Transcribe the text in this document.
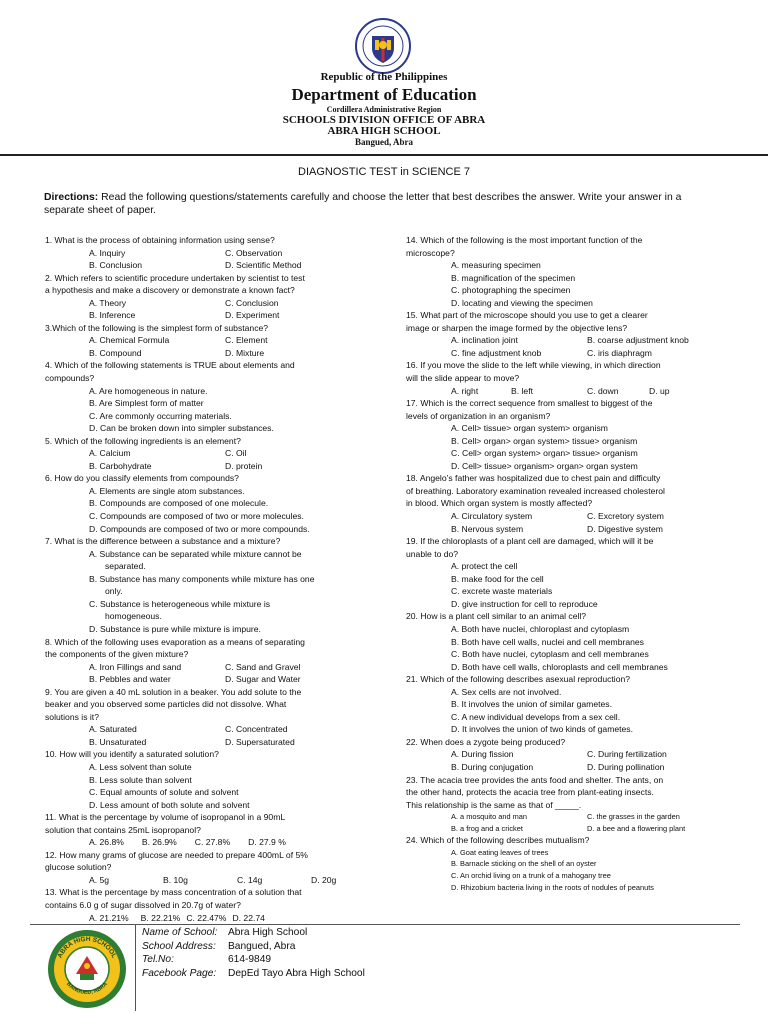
Republic of the Philippines
Department of Education
Cordillera Administrative Region
SCHOOLS DIVISION OFFICE OF ABRA
ABRA HIGH SCHOOL
Bangued, Abra
DIAGNOSTIC TEST in SCIENCE 7
Directions: Read the following questions/statements carefully and choose the letter that best describes the answer. Write your answer in a separate sheet of paper.
1. What is the process of obtaining information using sense?
A. Inquiry	C. Observation
B. Conclusion	D. Scientific Method
2. Which refers to scientific procedure undertaken by scientist to test
a hypothesis and make a discovery or demonstrate a known fact?
A. Theory	C. Conclusion
B. Inference	D. Experiment
3.Which of the following is the simplest form of substance?
A. Chemical Formula	C. Element
B. Compound	D. Mixture
4. Which of the following statements is TRUE about elements and
compounds?
A. Are homogeneous in nature.
B. Are Simplest form of matter
C. Are commonly occurring materials.
D. Can be broken down into simpler substances.
5. Which of the following ingredients is an element?
A. Calcium	C. Oil
B. Carbohydrate	D. protein
6. How do you classify elements from compounds?
A. Elements are single atom substances.
B. Compounds are composed of one molecule.
C. Compounds are composed of two or more molecules.
D. Compounds are composed of two or more compounds.
7. What is the difference between a substance and a mixture?
A. Substance can be separated while mixture cannot be
separated.
B. Substance has many components while mixture has one
only.
C. Substance is heterogeneous while mixture is
homogeneous.
D. Substance is pure while mixture is impure.
8. Which of the following uses evaporation as a means of separating
the components of the given mixture?
A. Iron Fillings and sand	C. Sand and Gravel
B. Pebbles and water	D. Sugar and Water
9. You are given a 40 mL solution in a beaker. You add solute to the
beaker and you observed some particles did not dissolve. What
solutions is it?
A. Saturated	C. Concentrated
B. Unsaturated	D. Supersaturated
10. How will you identify a saturated solution?
A. Less solvent than solute
B. Less solute than solvent
C. Equal amounts of solute and solvent
D. Less amount of both solute and solvent
11. What is the percentage by volume of isopropanol in a 90mL
solution that contains 25mL isopropanol?
A. 26.8% B. 26.9% C. 27.8% D. 27.9 %
12. How many grams of glucose are needed to prepare 400mL of 5%
glucose solution?
A. 5g	B. 10g	C. 14g	D. 20g
13. What is the percentage by mass concentration of a solution that
contains 6.0 g of sugar dissolved in 20.7g of water?
A. 21.21% B. 22.21% C. 22.47% D. 22.74
14. Which of the following is the most important function of the
microscope?
A. measuring specimen
B. magnification of the specimen
C. photographing the specimen
D. locating and viewing the specimen
15. What part of the microscope should you use to get a clearer
image or sharpen the image formed by the objective lens?
A. inclination joint	B. coarse adjustment knob
C. fine adjustment knob	C. iris diaphragm
16. If you move the slide to the left while viewing, in which direction
will the slide appear to move?
A. right	B. left	C. down	D. up
17. Which is the correct sequence from smallest to biggest of the
levels of organization in an organism?
A. Cell> tissue> organ system> organism
B. Cell> organ> organ system> tissue> organism
C. Cell> organ system> organ> tissue> organism
D. Cell> tissue> organism> organ> organ system
18. Angelo’s father was hospitalized due to chest pain and difficulty
of breathing. Laboratory examination revealed increased cholesterol
in blood. Which organ system is mostly affected?
A. Circulatory system	C. Excretory system
B. Nervous system	D. Digestive system
19. If the chloroplasts of a plant cell are damaged, which will it be
unable to do?
A. protect the cell
B. make food for the cell
C. excrete waste materials
D. give instruction for cell to reproduce
20. How is a plant cell similar to an animal cell?
A. Both have nuclei, chloroplast and cytoplasm
B. Both have cell walls, nuclei and cell membranes
C. Both have nuclei, cytoplasm and cell membranes
D. Both have cell walls, chloroplasts and cell membranes
21. Which of the following describes asexual reproduction?
A. Sex cells are not involved.
B. It involves the union of similar gametes.
C. A new individual develops from a sex cell.
D. It involves the union of two kinds of gametes.
22. When does a zygote being produced?
A. During fission	C. During fertilization
B. During conjugation	D. During pollination
23. The acacia tree provides the ants food and shelter. The ants, on
the other hand, protects the acacia tree from plant-eating insects.
This relationship is the same as that of _____.
A. a mosquito and man	C. the grasses in the garden
B. a frog and a cricket	D. a bee and a flowering plant
24. Which of the following describes mutualism?
A. Goat eating leaves of trees
B. Barnacle sticking on the shell of an oyster
C. An orchid living on a trunk of a mahogany tree
D. Rhizobium bacteria living in the roots of nodules of peanuts
ABRA HIGH SCHOOL
BANGUED, ABRA
Name of School:	Abra High School
School Address:	Bangued, Abra
Tel.No:	614-9849
Facebook Page:	DepEd Tayo Abra High School
